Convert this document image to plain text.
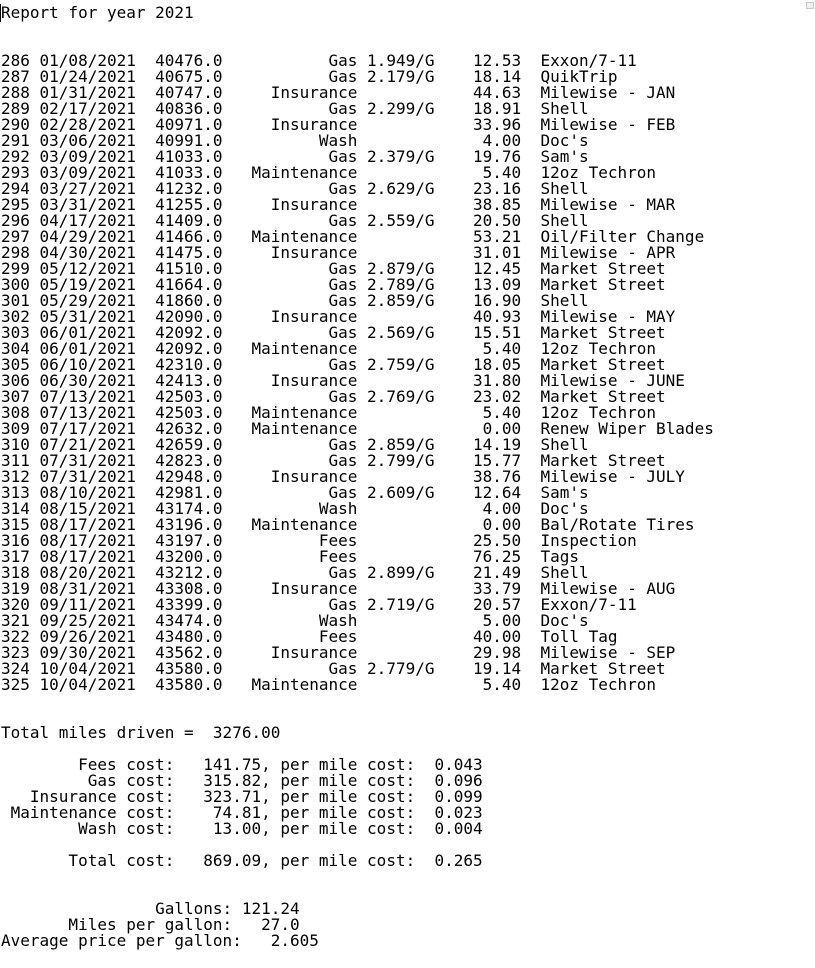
Report for year 2021

286 01/08/2021  40476.0           Gas 1.949/G    12.53  Exxon/7-11
287 01/24/2021  40675.0           Gas 2.179/G    18.14  QuikTrip
288 01/31/2021  40747.0     Insurance            44.63  Milewise - JAN
289 02/17/2021  40836.0           Gas 2.299/G    18.91  Shell
290 02/28/2021  40971.0     Insurance            33.96  Milewise - FEB
291 03/06/2021  40991.0          Wash             4.00  Doc's
292 03/09/2021  41033.0           Gas 2.379/G    19.76  Sam's
293 03/09/2021  41033.0   Maintenance             5.40  12oz Techron
294 03/27/2021  41232.0           Gas 2.629/G    23.16  Shell
295 03/31/2021  41255.0     Insurance            38.85  Milewise - MAR
296 04/17/2021  41409.0           Gas 2.559/G    20.50  Shell
297 04/29/2021  41466.0   Maintenance            53.21  Oil/Filter Change
298 04/30/2021  41475.0     Insurance            31.01  Milewise - APR
299 05/12/2021  41510.0           Gas 2.879/G    12.45  Market Street
300 05/19/2021  41664.0           Gas 2.789/G    13.09  Market Street
301 05/29/2021  41860.0           Gas 2.859/G    16.90  Shell
302 05/31/2021  42090.0     Insurance            40.93  Milewise - MAY
303 06/01/2021  42092.0           Gas 2.569/G    15.51  Market Street
304 06/01/2021  42092.0   Maintenance             5.40  12oz Techron
305 06/10/2021  42310.0           Gas 2.759/G    18.05  Market Street
306 06/30/2021  42413.0     Insurance            31.80  Milewise - JUNE
307 07/13/2021  42503.0           Gas 2.769/G    23.02  Market Street
308 07/13/2021  42503.0   Maintenance             5.40  12oz Techron
309 07/17/2021  42632.0   Maintenance             0.00  Renew Wiper Blades
310 07/21/2021  42659.0           Gas 2.859/G    14.19  Shell
311 07/31/2021  42823.0           Gas 2.799/G    15.77  Market Street
312 07/31/2021  42948.0     Insurance            38.76  Milewise - JULY
313 08/10/2021  42981.0           Gas 2.609/G    12.64  Sam's
314 08/15/2021  43174.0          Wash             4.00  Doc's
315 08/17/2021  43196.0   Maintenance             0.00  Bal/Rotate Tires
316 08/17/2021  43197.0          Fees            25.50  Inspection
317 08/17/2021  43200.0          Fees            76.25  Tags
318 08/20/2021  43212.0           Gas 2.899/G    21.49  Shell
319 08/31/2021  43308.0     Insurance            33.79  Milewise - AUG
320 09/11/2021  43399.0           Gas 2.719/G    20.57  Exxon/7-11
321 09/25/2021  43474.0          Wash             5.00  Doc's
322 09/26/2021  43480.0          Fees            40.00  Toll Tag
323 09/30/2021  43562.0     Insurance            29.98  Milewise - SEP
324 10/04/2021  43580.0           Gas 2.779/G    19.14  Market Street
325 10/04/2021  43580.0   Maintenance             5.40  12oz Techron

Total miles driven =  3276.00

Fees cost:   141.75, per mile cost:  0.043
Gas cost:   315.82, per mile cost:  0.096
Insurance cost:   323.71, per mile cost:  0.099
Maintenance cost:    74.81, per mile cost:  0.023
Wash cost:    13.00, per mile cost:  0.004

Total cost:   869.09, per mile cost:  0.265

Gallons: 121.24
Miles per gallon:   27.0
Average price per gallon:   2.605
